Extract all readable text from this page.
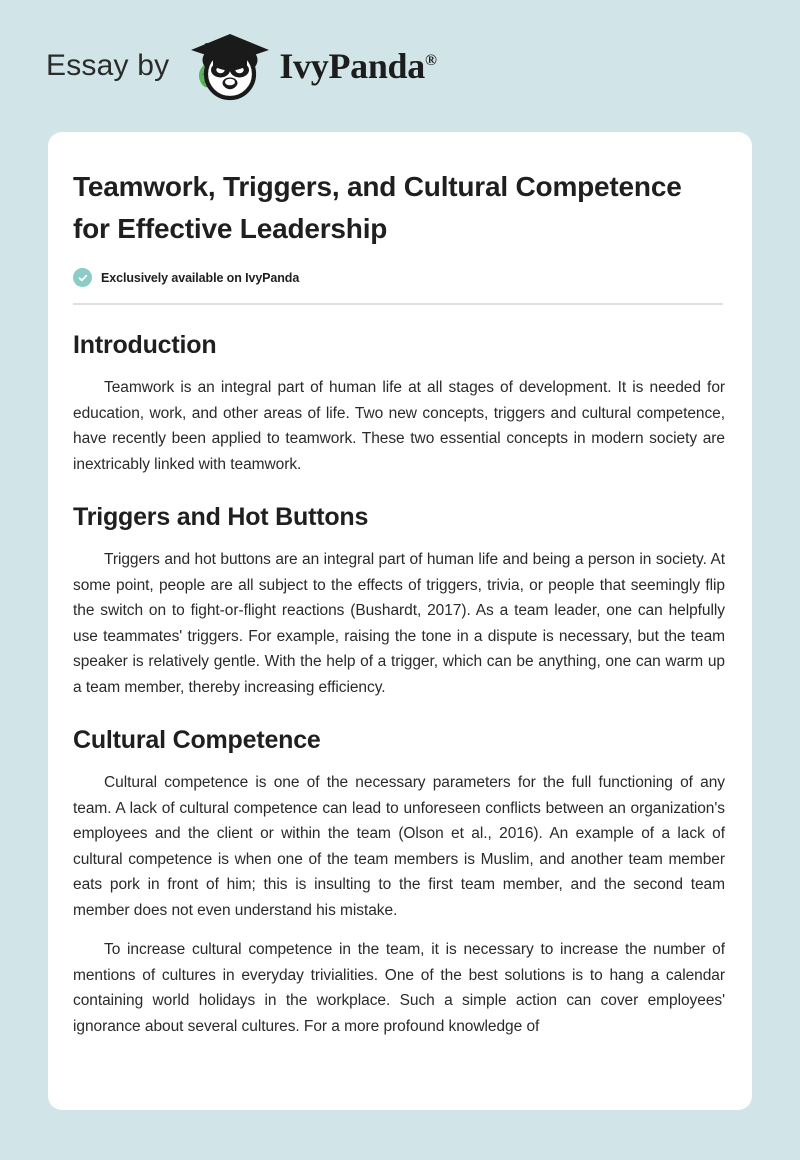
Essay by	IvyPanda®
Teamwork, Triggers, and Cultural Competence for Effective Leadership
Exclusively available on IvyPanda
Introduction

Teamwork is an integral part of human life at all stages of development. It is needed for education, work, and other areas of life. Two new concepts, triggers and cultural competence, have recently been applied to teamwork. These two essential concepts in modern society are inextricably linked with teamwork.

Triggers and Hot Buttons

Triggers and hot buttons are an integral part of human life and being a person in society. At some point, people are all subject to the effects of triggers, trivia, or people that seemingly flip the switch on to fight-or-flight reactions (Bushardt, 2017). As a team leader, one can helpfully use teammates' triggers. For example, raising the tone in a dispute is necessary, but the team speaker is relatively gentle. With the help of a trigger, which can be anything, one can warm up a team member, thereby increasing efficiency.

Cultural Competence

Cultural competence is one of the necessary parameters for the full functioning of any team. A lack of cultural competence can lead to unforeseen conflicts between an organization's employees and the client or within the team (Olson et al., 2016). An example of a lack of cultural competence is when one of the team members is Muslim, and another team member eats pork in front of him; this is insulting to the first team member, and the second team member does not even understand his mistake.

To increase cultural competence in the team, it is necessary to increase the number of mentions of cultures in everyday trivialities. One of the best solutions is to hang a calendar containing world holidays in the workplace. Such a simple action can cover employees' ignorance about several cultures. For a more profound knowledge of
